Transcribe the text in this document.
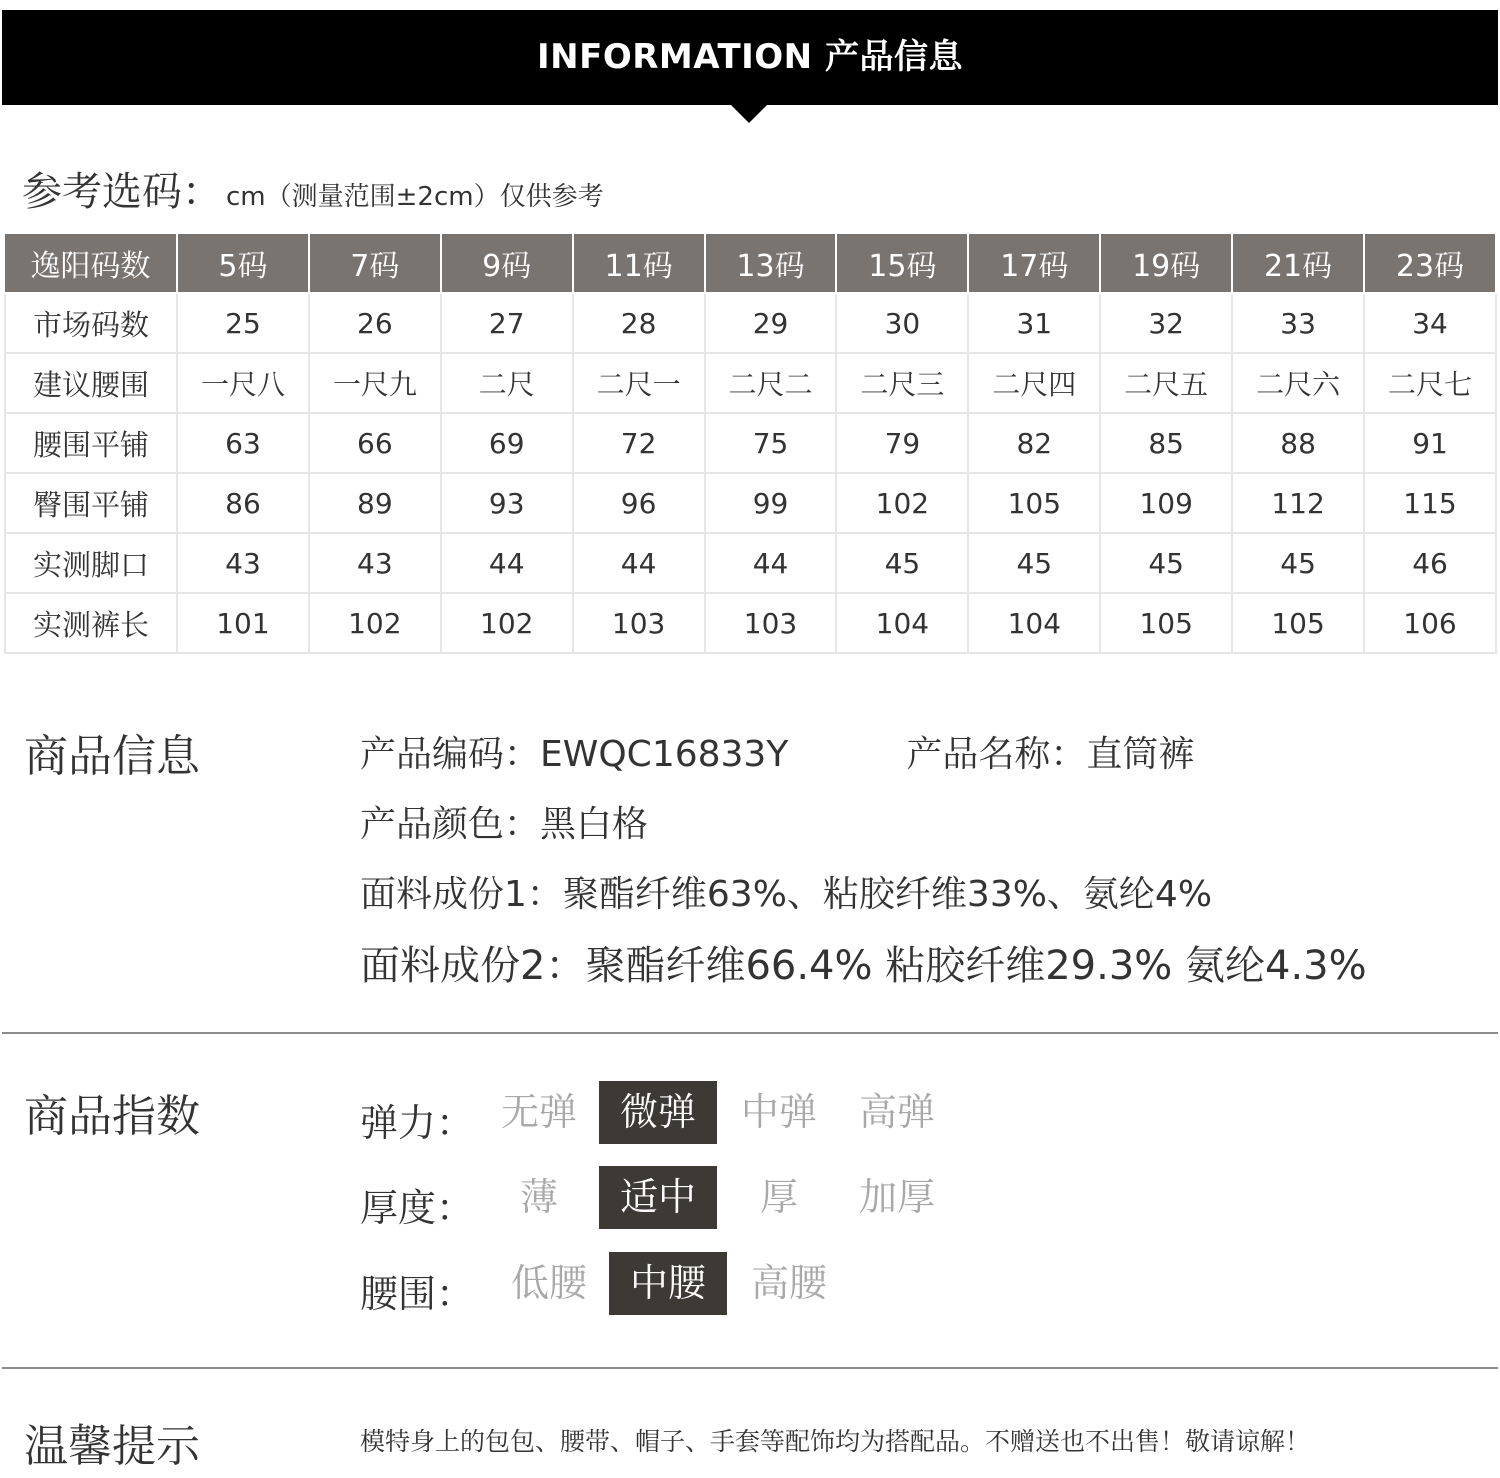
INFORMATION 产品信息
参考选码： cm（测量范围±2cm）仅供参考
逸阳码数	5码	7码	9码	11码	13码	15码	17码	19码	21码	23码
市场码数	25	26	27	28	29	30	31	32	33	34
建议腰围	一尺八	一尺九	二尺	二尺一	二尺二	二尺三	二尺四	二尺五	二尺六	二尺七
腰围平铺	63	66	69	72	75	79	82	85	88	91
臀围平铺	86	89	93	96	99	102	105	109	112	115
实测脚口	43	43	44	44	44	45	45	45	45	46
实测裤长	101	102	102	103	103	104	104	105	105	106
商品信息	产品编码：EWQC16833Y	产品名称：直筒裤
产品颜色：黑白格
面料成份1：聚酯纤维63%、粘胶纤维33%、氨纶4%
面料成份2：聚酯纤维66.4% 粘胶纤维29.3% 氨纶4.3%
商品指数	弹力： 无弹	微弹	中弹	高弹
厚度：	薄	适中	厚	加厚
腰围： 低腰	中腰	高腰
温馨提示	模特身上的包包、腰带、帽子、手套等配饰均为搭配品。不赠送也不出售！敬请谅解！
